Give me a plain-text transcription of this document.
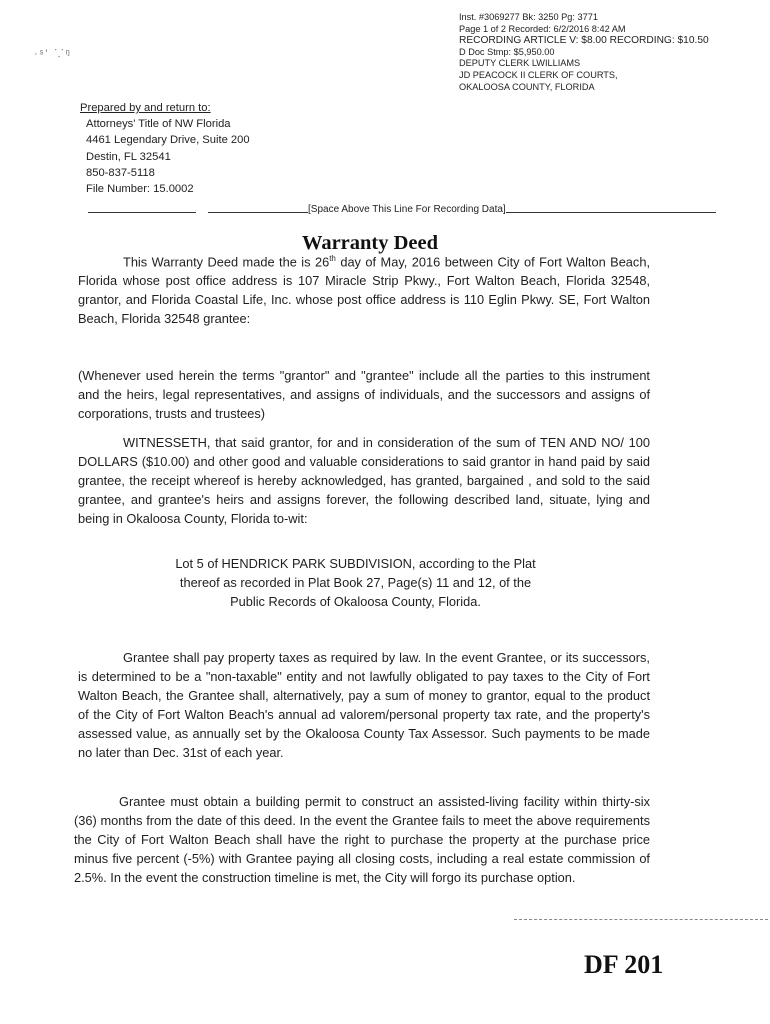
Inst. #3069277 Bk: 3250 Pg: 3771
Page 1 of 2 Recorded: 6/2/2016 8:42 AM
RECORDING ARTICLE V: $8.00 RECORDING: $10.50
D Doc Stmp: $5,950.00
DEPUTY CLERK LWILLIAMS
JD PEACOCK II CLERK OF COURTS,
OKALOOSA COUNTY, FLORIDA
·ˢ' ⸪ᵑ
Prepared by and return to:
Attorneys' Title of NW Florida
4461 Legendary Drive, Suite 200
Destin, FL 32541
850-837-5118
File Number: 15.0002
[Space Above This Line For Recording Data]
Warranty Deed
This Warranty Deed made the is 26th day of May, 2016 between City of Fort Walton Beach, Florida whose post office address is 107 Miracle Strip Pkwy., Fort Walton Beach, Florida 32548, grantor, and Florida Coastal Life, Inc. whose post office address is 110 Eglin Pkwy. SE, Fort Walton Beach, Florida 32548 grantee:
(Whenever used herein the terms "grantor" and "grantee" include all the parties to this instrument and the heirs, legal representatives, and assigns of individuals, and the successors and assigns of corporations, trusts and trustees)
WITNESSETH, that said grantor, for and in consideration of the sum of TEN AND NO/ 100 DOLLARS ($10.00) and other good and valuable considerations to said grantor in hand paid by said grantee, the receipt whereof is hereby acknowledged, has granted, bargained , and sold to the said grantee, and grantee's heirs and assigns forever, the following described land, situate, lying and being in Okaloosa County, Florida to-wit:
Lot 5 of HENDRICK PARK SUBDIVISION, according to the Plat thereof as recorded in Plat Book 27, Page(s) 11 and 12, of the Public Records of Okaloosa County, Florida.
Grantee shall pay property taxes as required by law. In the event Grantee, or its successors, is determined to be a "non-taxable" entity and not lawfully obligated to pay taxes to the City of Fort Walton Beach, the Grantee shall, alternatively, pay a sum of money to grantor, equal to the product of the City of Fort Walton Beach's annual ad valorem/personal property tax rate, and the property's assessed value, as annually set by the Okaloosa County Tax Assessor. Such payments to be made no later than Dec. 31st of each year.
Grantee must obtain a building permit to construct an assisted-living facility within thirty-six (36) months from the date of this deed. In the event the Grantee fails to meet the above requirements the City of Fort Walton Beach shall have the right to purchase the property at the purchase price minus five percent (-5%) with Grantee paying all closing costs, including a real estate commission of 2.5%. In the event the construction timeline is met, the City will forgo its purchase option.
DF 201
